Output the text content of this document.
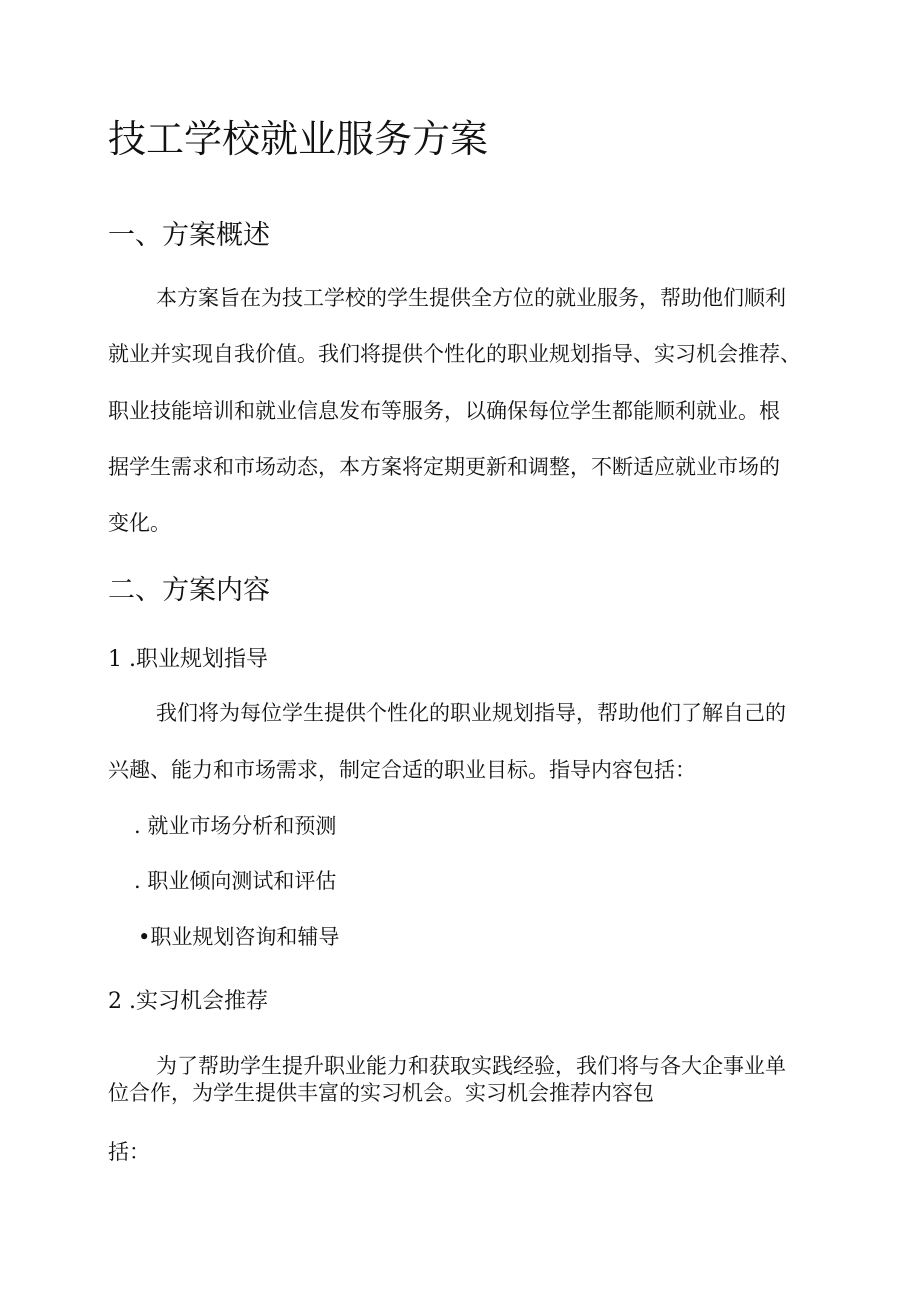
技工学校就业服务方案
一、方案概述

本方案旨在为技工学校的学生提供全方位的就业服务，帮助他们顺利

就业并实现自我价值。我们将提供个性化的职业规划指导、实习机会推荐、

职业技能培训和就业信息发布等服务，以确保每位学生都能顺利就业。根

据学生需求和市场动态，本方案将定期更新和调整，不断适应就业市场的

变化。

二、方案内容
1 .职业规划指导

我们将为每位学生提供个性化的职业规划指导，帮助他们了解自己的

兴趣、能力和市场需求，制定合适的职业目标。指导内容包括：

. 就业市场分析和预测

. 职业倾向测试和评估

•职业规划咨询和辅导

2 .实习机会推荐

为了帮助学生提升职业能力和获取实践经验，我们将与各大企事业单

位合作，为学生提供丰富的实习机会。实习机会推荐内容包

括：
